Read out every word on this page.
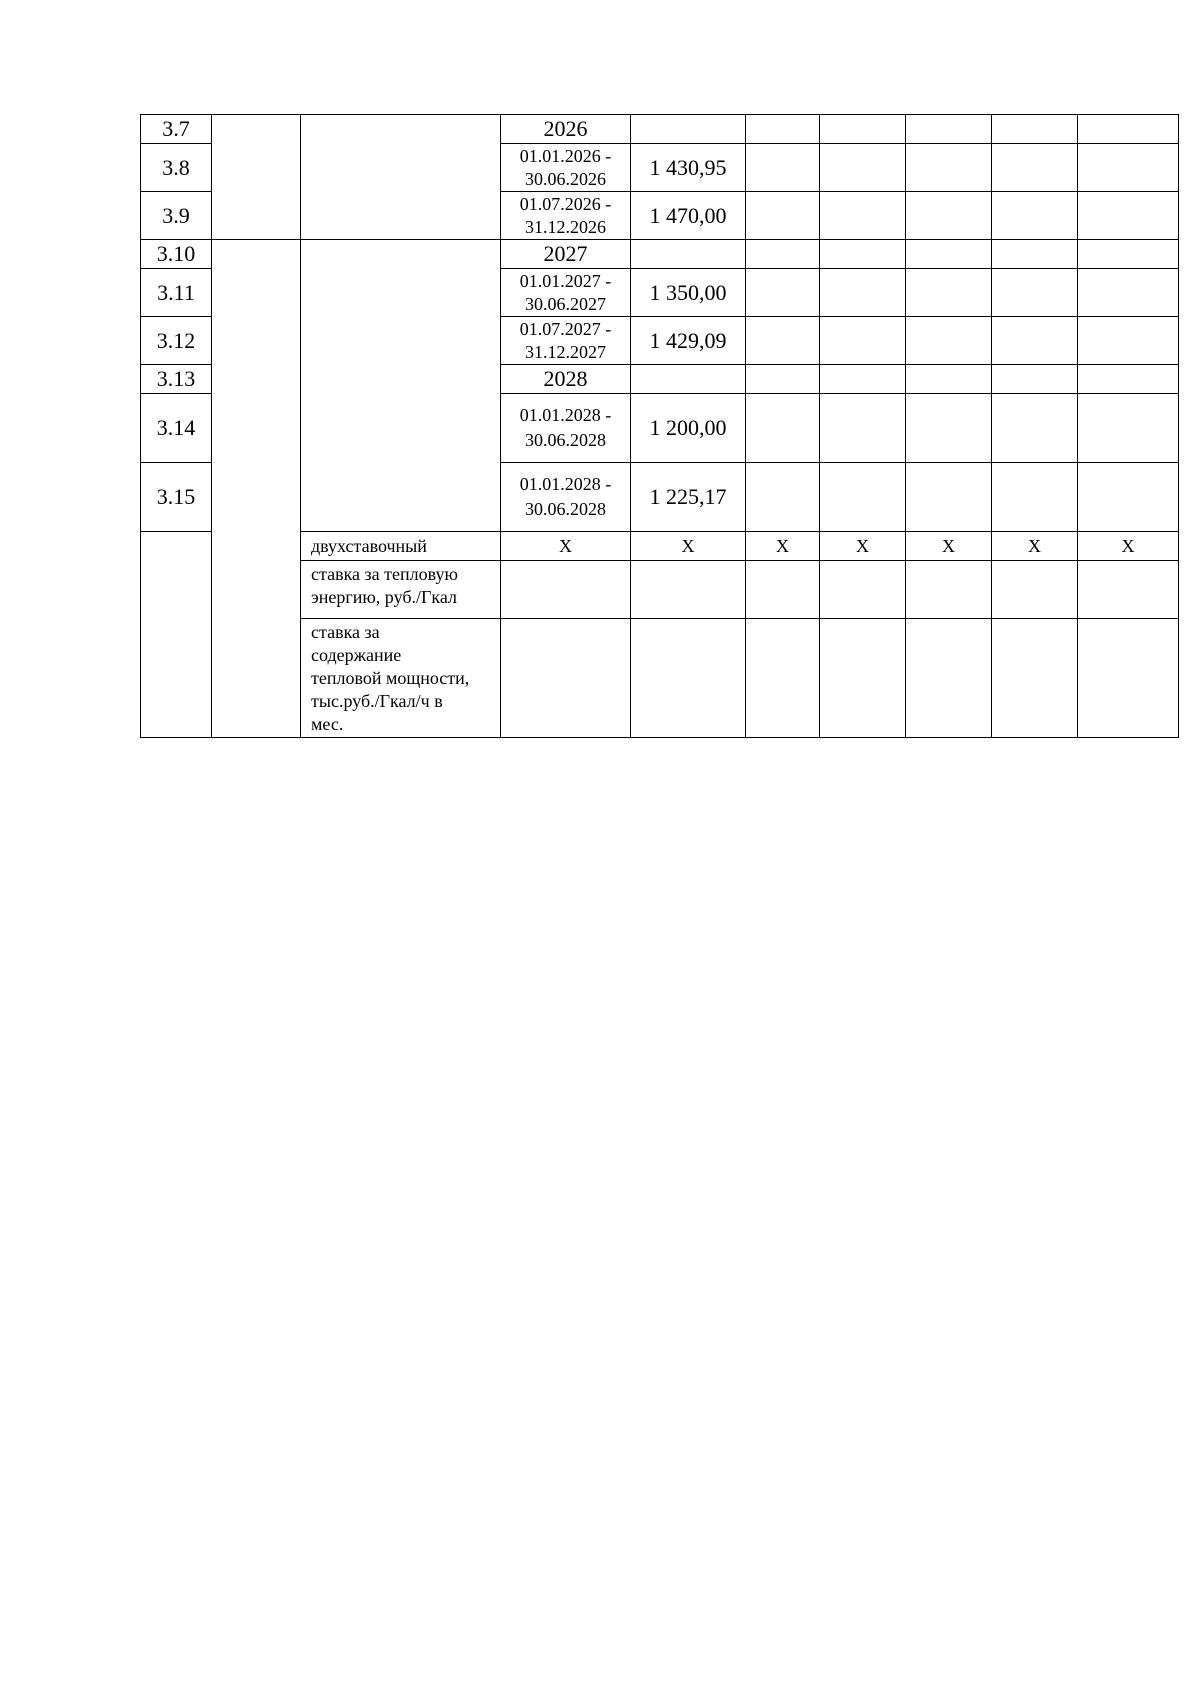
3.7			2026						
3.8			01.01.2026 -
30.06.2026	1 430,95					
3.9			01.07.2026 -
31.12.2026	1 470,00					
3.10			2027						
3.11			01.01.2027 -
30.06.2027	1 350,00					
3.12			01.07.2027 -
31.12.2027	1 429,09					
3.13			2028						
3.14			01.01.2028 -
30.06.2028	1 200,00					
3.15			01.01.2028 -
30.06.2028	1 225,17					
		двухставочный	Х	Х	Х	Х	Х	Х	Х

		ставка за тепловую
энергию, руб./Гкал							

		ставка за
содержание
тепловой мощности,
тыс.руб./Гкал/ч в
мес.							
